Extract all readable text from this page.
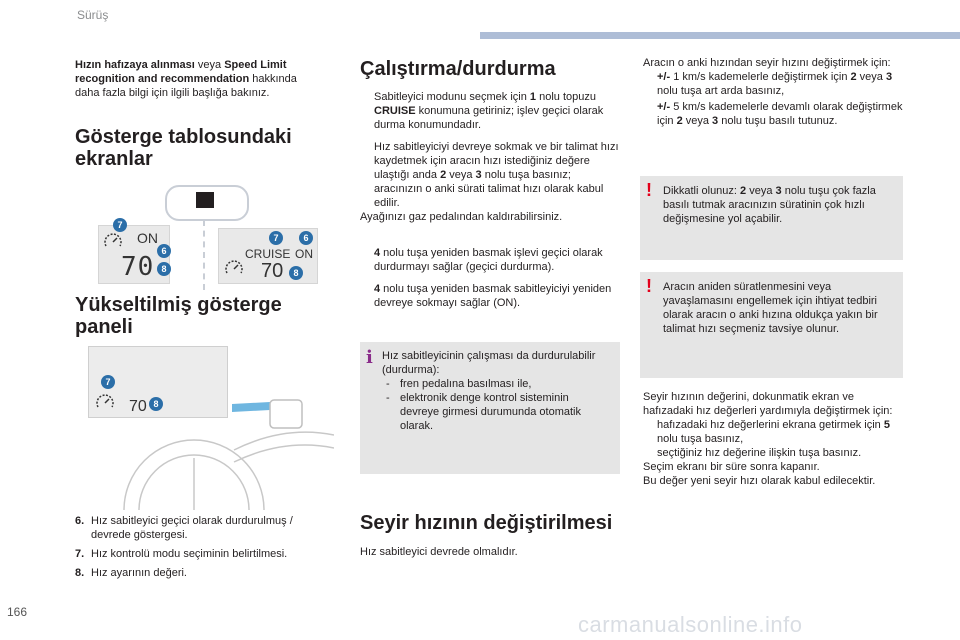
Sürüş
Hızın hafızaya alınması veya Speed Limit recognition and recommendation hakkında daha fazla bilgi için ilgili başlığa bakınız.
Gösterge tablosundaki ekranlar
ON
70
7
6
8
CRUISE ON
70
7	6
8
Yükseltilmiş gösterge paneli
70
7
8
6. Hız sabitleyici geçici olarak durdurulmuş / devrede göstergesi.
7. Hız kontrolü modu seçiminin belirtilmesi.
8. Hız ayarının değeri.
Çalıştırma/durdurma
Sabitleyici modunu seçmek için 1 nolu topuzu CRUISE konumuna getiriniz; işlev geçici olarak durma konumundadır.
Hız sabitleyiciyi devreye sokmak ve bir talimat hızı kaydetmek için aracın hızı istediğiniz değere ulaştığı anda 2 veya 3 nolu tuşa basınız; aracınızın o anki sürati talimat hızı olarak kabul edilir.
Ayağınızı gaz pedalından kaldırabilirsiniz.
4 nolu tuşa yeniden basmak işlevi geçici olarak durdurmayı sağlar (geçici durdurma).
4 nolu tuşa yeniden basmak sabitleyiciyi yeniden devreye sokmayı sağlar (ON).
i Hız sabitleyicinin çalışması da durdurulabilir (durdurma):
- fren pedalına basılması ile,
- elektronik denge kontrol sisteminin devreye girmesi durumunda otomatik olarak.
Seyir hızının değiştirilmesi
Hız sabitleyici devrede olmalıdır.
Aracın o anki hızından seyir hızını değiştirmek için:
+/- 1 km/s kademelerle değiştirmek için 2 veya 3 nolu tuşa art arda basınız,
+/- 5 km/s kademelerle devamlı olarak değiştirmek için 2 veya 3 nolu tuşu basılı tutunuz.
! Dikkatli olunuz: 2 veya 3 nolu tuşu çok fazla basılı tutmak aracınızın süratinin çok hızlı değişmesine yol açabilir.
! Aracın aniden süratlenmesini veya yavaşlamasını engellemek için ihtiyat tedbiri olarak aracın o anki hızına oldukça yakın bir talimat hızı seçmeniz tavsiye olunur.
Seyir hızının değerini, dokunmatik ekran ve hafızadaki hız değerleri yardımıyla değiştirmek için:
hafızadaki hız değerlerini ekrana getirmek için 5 nolu tuşa basınız,
seçtiğiniz hız değerine ilişkin tuşa basınız.
Seçim ekranı bir süre sonra kapanır.
Bu değer yeni seyir hızı olarak kabul edilecektir.
166	carmanualsonline.info
